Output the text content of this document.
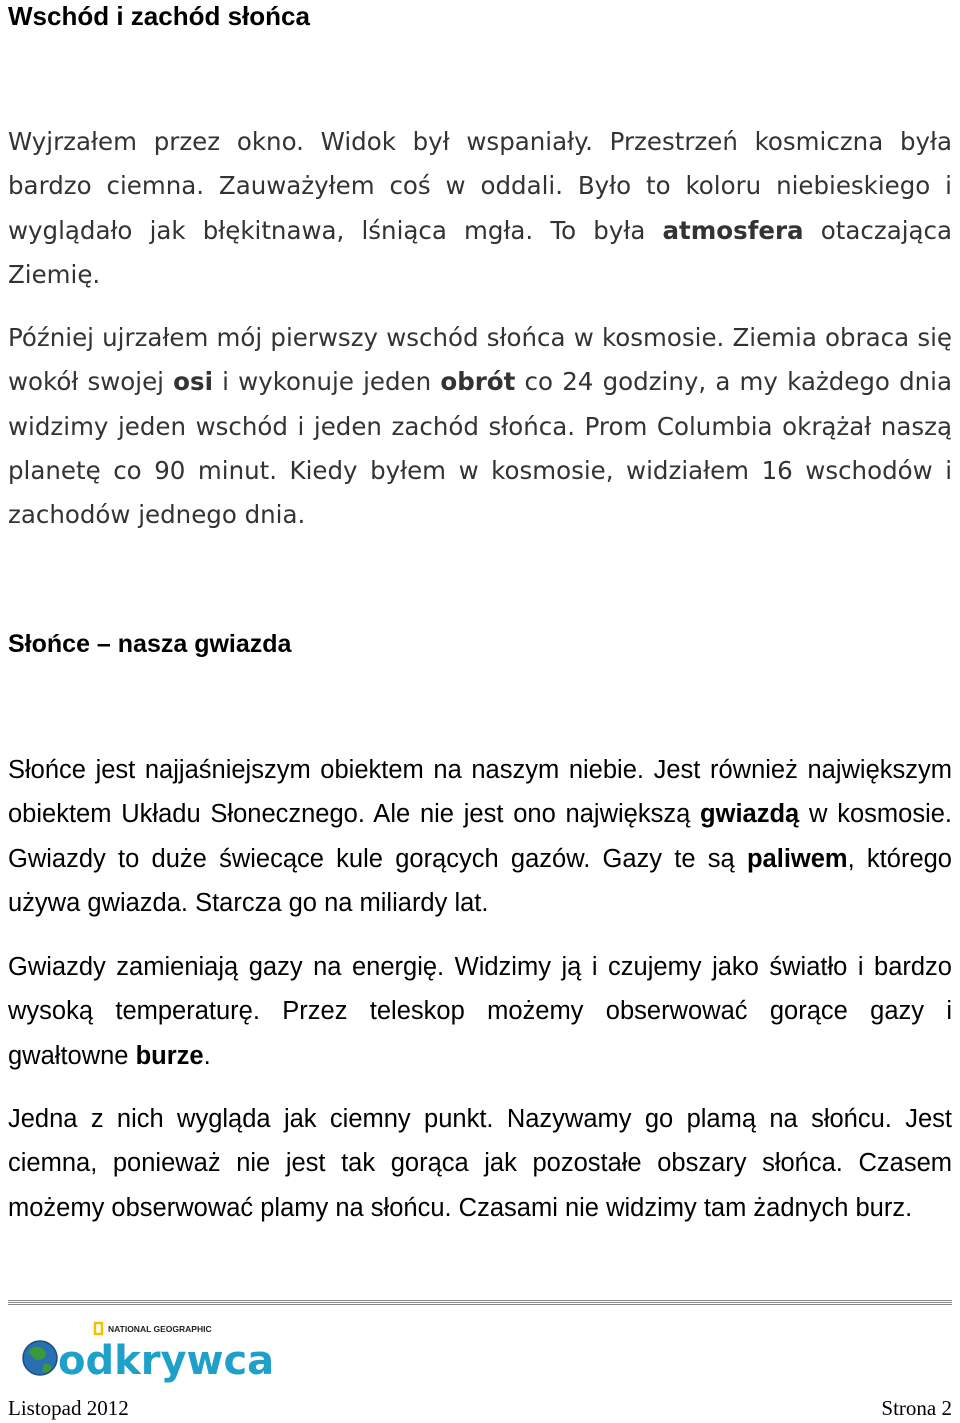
Wschód i zachód słońca

Wyjrzałem przez okno. Widok był wspaniały. Przestrzeń kosmiczna była bardzo ciemna. Zauważyłem coś w oddali. Było to koloru niebieskiego i wyglądało jak błękitnawa, lśniąca mgła. To była atmosfera otaczająca Ziemię.

Później ujrzałem mój pierwszy wschód słońca w kosmosie. Ziemia obraca się wokół swojej osi i wykonuje jeden obrót co 24 godziny, a my każdego dnia widzimy jeden wschód i jeden zachód słońca. Prom Columbia okrążał naszą planetę co 90 minut. Kiedy byłem w kosmosie, widziałem 16 wschodów i zachodów jednego dnia.

Słońce – nasza gwiazda

Słońce jest najjaśniejszym obiektem na naszym niebie. Jest również największym obiektem Układu Słonecznego. Ale nie jest ono największą gwiazdą w kosmosie. Gwiazdy to duże świecące kule gorących gazów. Gazy te są paliwem, którego używa gwiazda. Starcza go na miliardy lat.

Gwiazdy zamieniają gazy na energię. Widzimy ją i czujemy jako światło i bardzo wysoką temperaturę. Przez teleskop możemy obserwować gorące gazy i gwałtowne burze.

Jedna z nich wygląda jak ciemny punkt. Nazywamy go plamą na słońcu. Jest ciemna, ponieważ nie jest tak gorąca jak pozostałe obszary słońca. Czasem możemy obserwować plamy na słońcu. Czasami nie widzimy tam żadnych burz.

NATIONAL GEOGRAPHIC
odkrywca
Listopad 2012	Strona 2
